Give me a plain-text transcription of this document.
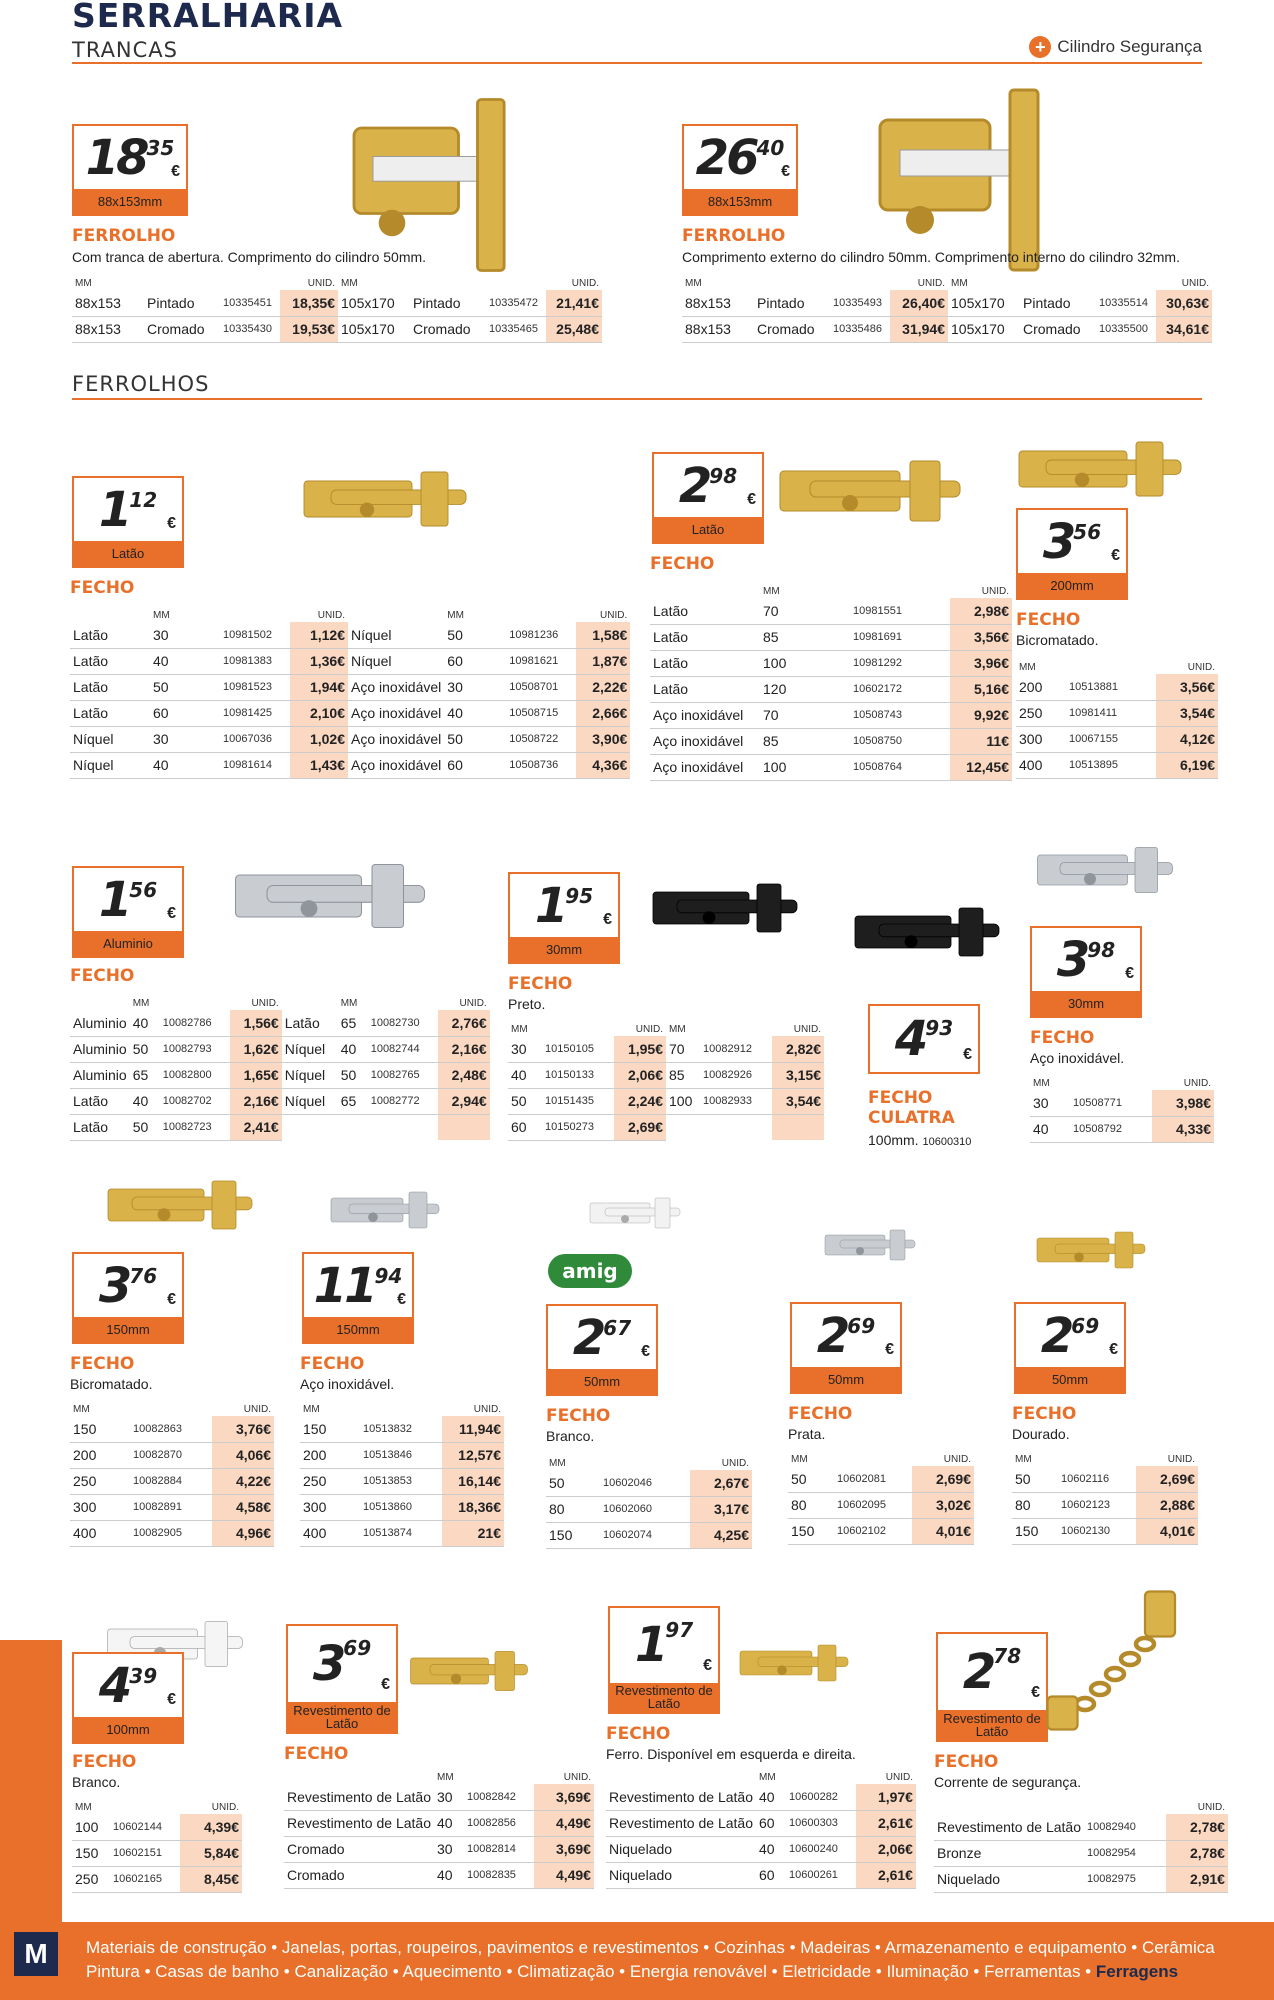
SERRALHARIA
TRANCAS	+ Cilindro Segurança
FERROLHOS
18 35
€
88x153mm
FERROLHO
Com tranca de abertura. Comprimento do cilindro 50mm.
MM			UNID.	MM			UNID.
88x153	Pintado	10335451	18,35€	105x170	Pintado	10335472	21,41€
88x153	Cromado	10335430	19,53€	105x170	Cromado	10335465	25,48€
26 40
€
88x153mm
FERROLHO
Comprimento externo do cilindro 50mm. Comprimento interno do cilindro 32mm.
MM			UNID.	MM			UNID.
88x153	Pintado	10335493	26,40€	105x170	Pintado	10335514	30,63€
88x153	Cromado	10335486	31,94€	105x170	Cromado	10335500	34,61€
1 12
€
Latão
FECHO
	MM		UNID.		MM		UNID.
Latão	30	10981502	1,12€	Níquel	50	10981236	1,58€
Latão	40	10981383	1,36€	Níquel	60	10981621	1,87€
Latão	50	10981523	1,94€	Aço inoxidável	30	10508701	2,22€
Latão	60	10981425	2,10€	Aço inoxidável	40	10508715	2,66€
Níquel	30	10067036	1,02€	Aço inoxidável	50	10508722	3,90€
Níquel	40	10981614	1,43€	Aço inoxidável	60	10508736	4,36€
2 98
€
Latão
FECHO
	MM		UNID.
Latão	70	10981551	2,98€
Latão	85	10981691	3,56€
Latão	100	10981292	3,96€
Latão	120	10602172	5,16€
Aço inoxidável	70	10508743	9,92€
Aço inoxidável	85	10508750	11€
Aço inoxidável	100	10508764	12,45€
3 56
€
200mm
FECHO
Bicromatado.
MM		UNID.
200	10513881	3,56€
250	10981411	3,54€
300	10067155	4,12€
400	10513895	6,19€
1 56
€
Aluminio
FECHO
	MM		UNID.		MM		UNID.
Aluminio	40	10082786	1,56€	Latão	65	10082730	2,76€
Aluminio	50	10082793	1,62€	Níquel	40	10082744	2,16€
Aluminio	65	10082800	1,65€	Níquel	50	10082765	2,48€
Latão	40	10082702	2,16€	Níquel	65	10082772	2,94€
Latão	50	10082723	2,41€				
1 95
€
30mm
FECHO
Preto.
MM		UNID.	MM		UNID.
30	10150105	1,95€	70	10082912	2,82€
40	10150133	2,06€	85	10082926	3,15€
50	10151435	2,24€	100	10082933	3,54€
60	10150273	2,69€			
4 93
€
FECHO CULATRA
100mm. 10600310
3 98
€
30mm
FECHO
Aço inoxidável.
MM		UNID.
30	10508771	3,98€
40	10508792	4,33€
3 76
€
150mm
FECHO
Bicromatado.
MM		UNID.
150	10082863	3,76€
200	10082870	4,06€
250	10082884	4,22€
300	10082891	4,58€
400	10082905	4,96€
11 94
€
150mm
FECHO
Aço inoxidável.
MM		UNID.
150	10513832	11,94€
200	10513846	12,57€
250	10513853	16,14€
300	10513860	18,36€
400	10513874	21€
amig
2 67
€
50mm
FECHO
Branco.
MM		UNID.
50	10602046	2,67€
80	10602060	3,17€
150	10602074	4,25€
2 69
€
50mm
FECHO
Prata.
MM		UNID.
50	10602081	2,69€
80	10602095	3,02€
150	10602102	4,01€
2 69
€
50mm
FECHO
Dourado.
MM		UNID.
50	10602116	2,69€
80	10602123	2,88€
150	10602130	4,01€
4 39
€
100mm
FECHO
Branco.
MM		UNID.
100	10602144	4,39€
150	10602151	5,84€
250	10602165	8,45€
3 69
€
Revestimento de Latão
FECHO
	MM		UNID.
Revestimento de Latão	30	10082842	3,69€
Revestimento de Latão	40	10082856	4,49€
Cromado	30	10082814	3,69€
Cromado	40	10082835	4,49€
1 97
€
Revestimento de Latão
FECHO
Ferro. Disponível em esquerda e direita.
	MM		UNID.
Revestimento de Latão	40	10600282	1,97€
Revestimento de Latão	60	10600303	2,61€
Niquelado	40	10600240	2,06€
Niquelado	60	10600261	2,61€
2 78
€
Revestimento de Latão
FECHO
Corrente de segurança.
		UNID.
Revestimento de Latão	10082940	2,78€
Bronze	10082954	2,78€
Niquelado	10082975	2,91€
FERRAGENS
M	Materiais de construção • Janelas, portas, roupeiros, pavimentos e revestimentos • Cozinhas • Madeiras • Armazenamento e equipamento • Cerâmica
Pintura • Casas de banho • Canalização • Aquecimento • Climatização • Energia renovável • Eletricidade • Iluminação • Ferramentas • Ferragens
